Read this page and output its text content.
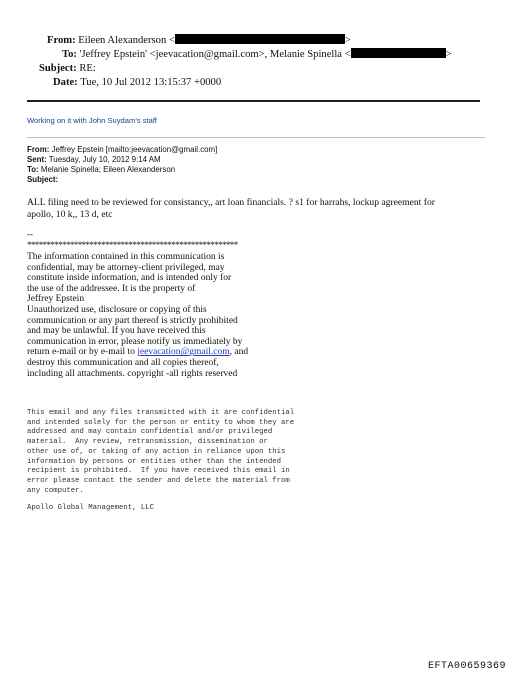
From: Eileen Alexanderson <	>
To: 'Jeffrey Epstein' <jeevacation@gmail.com>, Melanie Spinella <	>
Subject: RE:
Date: Tue, 10 Jul 2012 13:15:37 +0000
Working on it with John Suydam's staff
From: Jeffrey Epstein [mailto:jeevacation@gmail.com]
Sent: Tuesday, July 10, 2012 9:14 AM
To: Melanie Spinella; Eileen Alexanderson
Subject:
ALL filing need to be reviewed for consistancy,, art loan financials. ? s1 for harrahs, lockup agreement for
apollo, 10 k,, 13 d, etc
--
******************************************************
The information contained in this communication is
confidential, may be attorney-client privileged, may
constitute inside information, and is intended only for
the use of the addressee. It is the property of
Jeffrey Epstein
Unauthorized use, disclosure or copying of this
communication or any part thereof is strictly prohibited
and may be unlawful. If you have received this
communication in error, please notify us immediately by
return e-mail or by e-mail to jeevacation@gmail.com, and
destroy this communication and all copies thereof,
including all attachments. copyright -all rights reserved
This email and any files transmitted with it are confidential
and intended solely for the person or entity to whom they are
addressed and may contain confidential and/or privileged
material.  Any review, retransmission, dissemination or
other use of, or taking of any action in reliance upon this
information by persons or entities other than the intended
recipient is prohibited.  If you have received this email in
error please contact the sender and delete the material from
any computer.
Apollo Global Management, LLC
EFTA00659369
